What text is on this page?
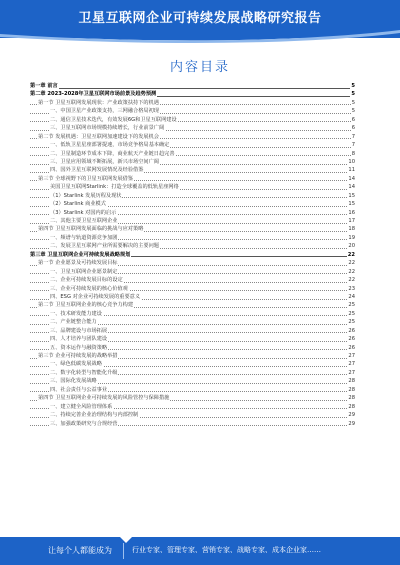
卫星互联网企业可持续发展战略研究报告
内容目录
第一章 前言	5
第二章 2023-2028年卫星互联网市场前景及趋势预测	5
第一节 卫星互联网发展现状：产业政策扶持下的机遇	5
一、中国卫星产业政策支持，三网融合格局初现	5
二、通信卫星技术迭代，有效发展6G和卫星互联网建设	6
三、卫星互联网市场规模持续增长，行业前景广阔	6
第二节 发展机遇：卫星互联网加速建设下的发展机会	7
一、低轨卫星星座部署提速，市场竞争格局基本确定	7
二、卫星制造环节成本下降，商业航天产业链日趋完善	8
三、卫星应用领域不断拓展，新兴市场空间广阔	10
四、国外卫星互联网发展情况及经验借鉴	11
第三节 全球视野下的卫星互联网发展借鉴	14
美国卫星互联网Starlink：打造全球覆盖的低轨星座网络	14
（1）Starlink 发展历程及现状	15
（2）Starlink 商业模式	15
（3）Starlink 对国内的启示	16
二、其他主要卫星互联网企业	17
第四节 卫星互联网发展面临的挑战与应对策略	18
一、频谱与轨道资源竞争加剧	19
二、发展卫星互联网产业所需要解决的主要问题	20
第三章 卫星互联网企业可持续发展战略规划	22
第一节 企业愿景及可持续发展目标	22
一、卫星互联网企业愿景制定	22
二、企业可持续发展目标的设定	22
三、企业可持续发展的核心价值观	23
四、ESG 对企业可持续发展的重要意义	24
第二节 卫星互联网企业的核心竞争力构建	25
一、技术研发能力建设	25
二、产业链整合能力	25
三、品牌建设与市场拓展	26
四、人才培养与团队建设	26
五、资本运作与融资策略	26
第三节 企业可持续发展的战略举措	27
一、绿色低碳发展战略	27
二、数字化转型与智能化升级	27
三、国际化发展战略	28
四、社会责任与公益事业	28
第四节 卫星互联网企业可持续发展的风险管控与保障措施	28
一、建立健全风险管理体系	28
二、持续完善企业治理结构与内部控制	29
三、加强政策研究与合规经营	29
让每个人都能成为	行业专家、管理专家、营销专家、战略专家、成本企业家……
